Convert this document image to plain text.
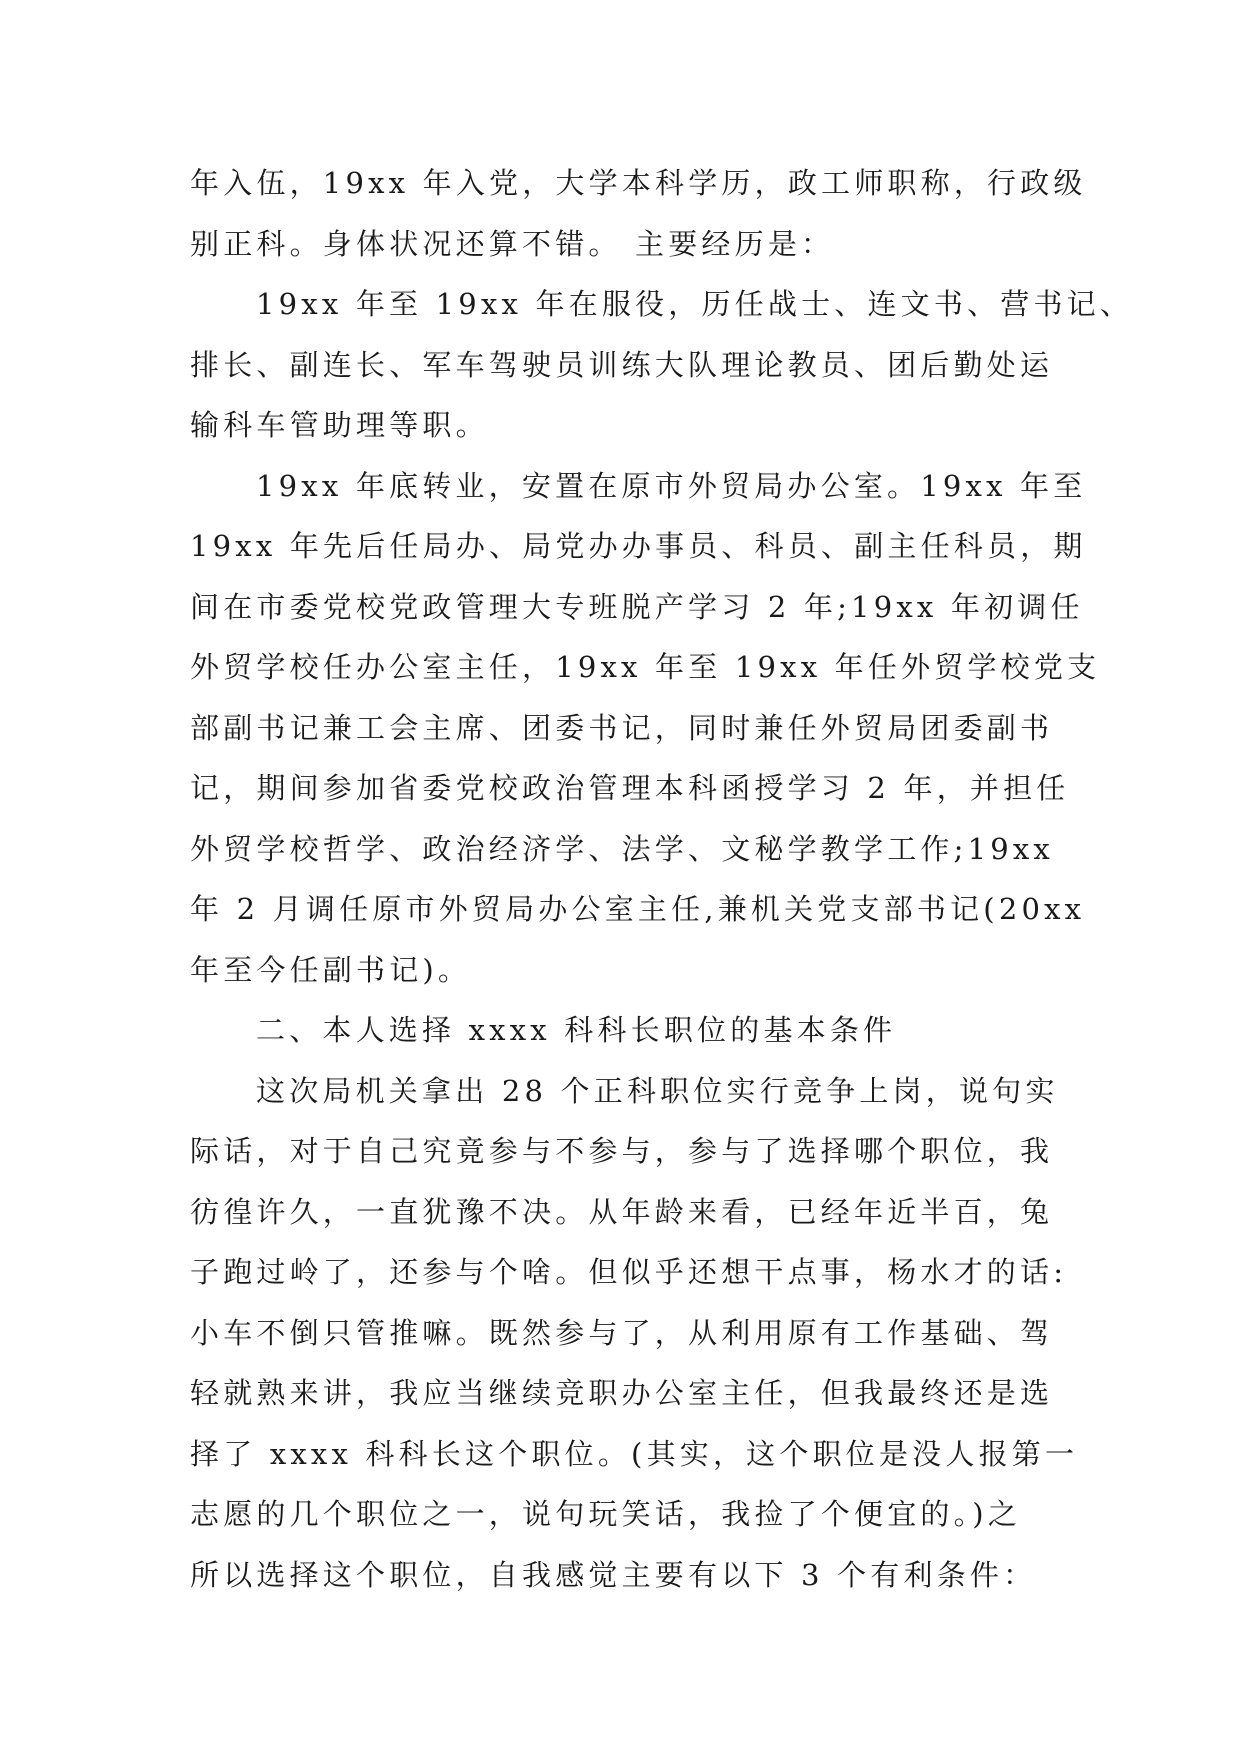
年入伍，19xx 年入党，大学本科学历，政工师职称，行政级
别正科。身体状况还算不错。 主要经历是：
19xx 年至 19xx 年在服役，历任战士、连文书、营书记、
排长、副连长、军车驾驶员训练大队理论教员、团后勤处运
输科车管助理等职。
19xx 年底转业，安置在原市外贸局办公室。19xx 年至
19xx 年先后任局办、局党办办事员、科员、副主任科员，期
间在市委党校党政管理大专班脱产学习 2 年;19xx 年初调任
外贸学校任办公室主任，19xx 年至 19xx 年任外贸学校党支
部副书记兼工会主席、团委书记，同时兼任外贸局团委副书
记，期间参加省委党校政治管理本科函授学习 2 年，并担任
外贸学校哲学、政治经济学、法学、文秘学教学工作;19xx
年 2 月调任原市外贸局办公室主任,兼机关党支部书记(20xx
年至今任副书记)。
二、本人选择 xxxx 科科长职位的基本条件
这次局机关拿出 28 个正科职位实行竞争上岗，说句实
际话，对于自己究竟参与不参与，参与了选择哪个职位，我
彷徨许久，一直犹豫不决。从年龄来看，已经年近半百，兔
子跑过岭了，还参与个啥。但似乎还想干点事，杨水才的话:
小车不倒只管推嘛。既然参与了，从利用原有工作基础、驾
轻就熟来讲，我应当继续竞职办公室主任，但我最终还是选
择了 xxxx 科科长这个职位。(其实，这个职位是没人报第一
志愿的几个职位之一，说句玩笑话，我捡了个便宜的。)之
所以选择这个职位，自我感觉主要有以下 3 个有利条件：
